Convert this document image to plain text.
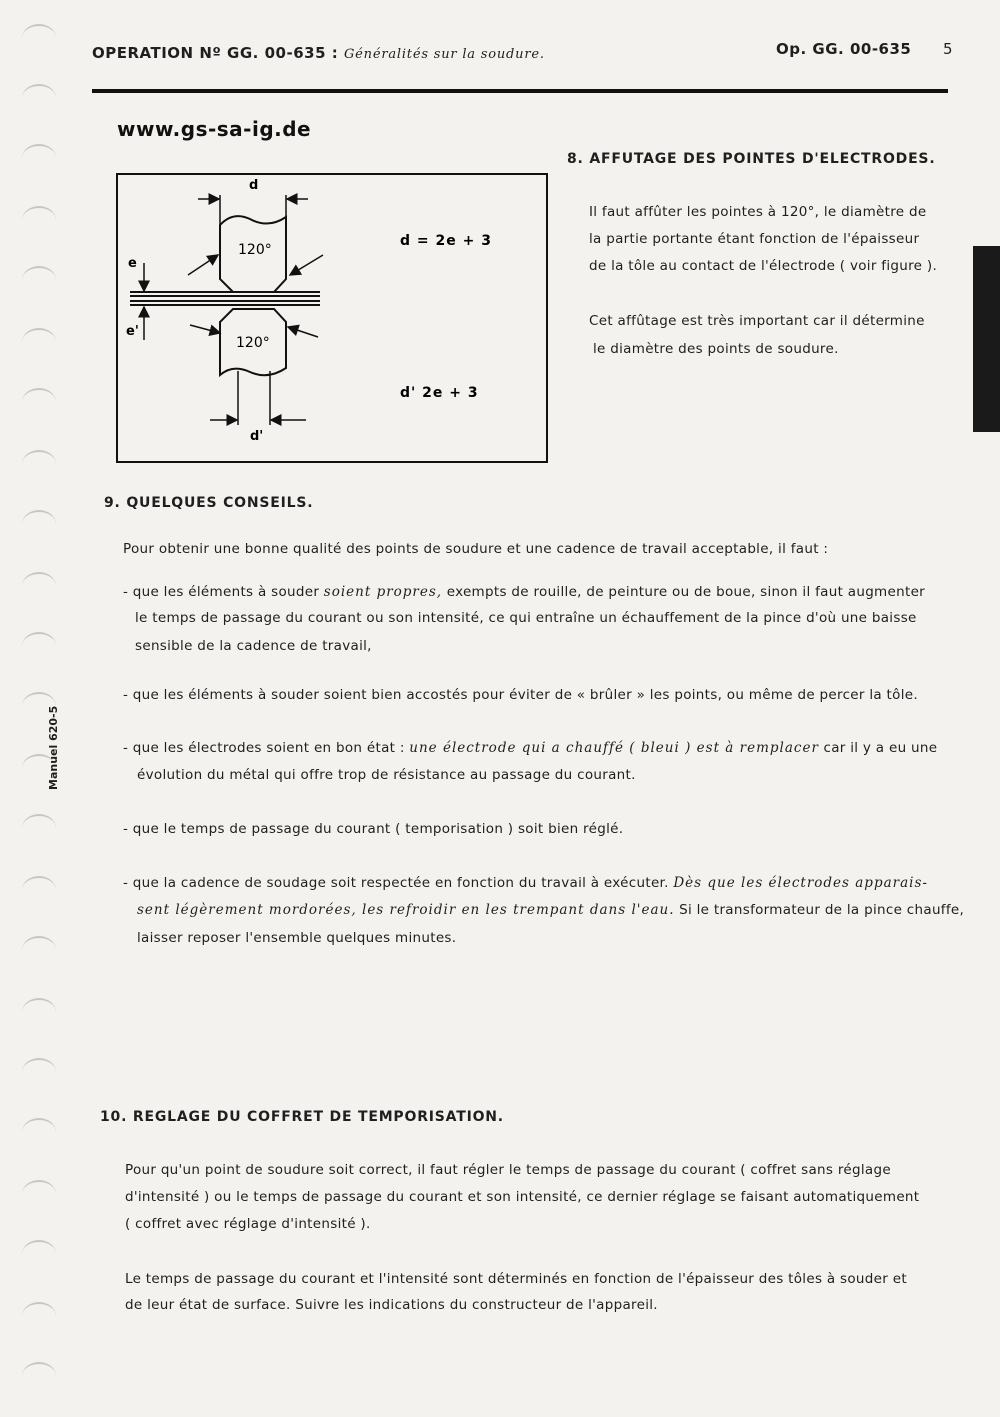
OPERATION Nº GG. 00-635 : Généralités sur la soudure.	Op. GG. 00-635 5
www.gs-sa-ig.de
Manuel 620-5
d
d'
e
e'
120°
120°
d = 2e + 3
d' 2e + 3
8. AFFUTAGE DES POINTES D'ELECTRODES.
Il faut affûter les pointes à 120°, le diamètre de
la partie portante étant fonction de l'épaisseur
de la tôle au contact de l'électrode ( voir figure ).
Cet affûtage est très important car il détermine
le diamètre des points de soudure.
9. QUELQUES CONSEILS.
Pour obtenir une bonne qualité des points de soudure et une cadence de travail acceptable, il faut :
- que les éléments à souder soient propres, exempts de rouille, de peinture ou de boue, sinon il faut augmenter
le temps de passage du courant ou son intensité, ce qui entraîne un échauffement de la pince d'où une baisse
sensible de la cadence de travail,
- que les éléments à souder soient bien accostés pour éviter de « brûler » les points, ou même de percer la tôle.
- que les électrodes soient en bon état : une électrode qui a chauffé ( bleui ) est à remplacer car il y a eu une
évolution du métal qui offre trop de résistance au passage du courant.
- que le temps de passage du courant ( temporisation ) soit bien réglé.
- que la cadence de soudage soit respectée en fonction du travail à exécuter. Dès que les électrodes apparais-
sent légèrement mordorées, les refroidir en les trempant dans l'eau. Si le transformateur de la pince chauffe,
laisser reposer l'ensemble quelques minutes.
10. REGLAGE DU COFFRET DE TEMPORISATION.
Pour qu'un point de soudure soit correct, il faut régler le temps de passage du courant ( coffret sans réglage
d'intensité ) ou le temps de passage du courant et son intensité, ce dernier réglage se faisant automatiquement
( coffret avec réglage d'intensité ).
Le temps de passage du courant et l'intensité sont déterminés en fonction de l'épaisseur des tôles à souder et
de leur état de surface. Suivre les indications du constructeur de l'appareil.
